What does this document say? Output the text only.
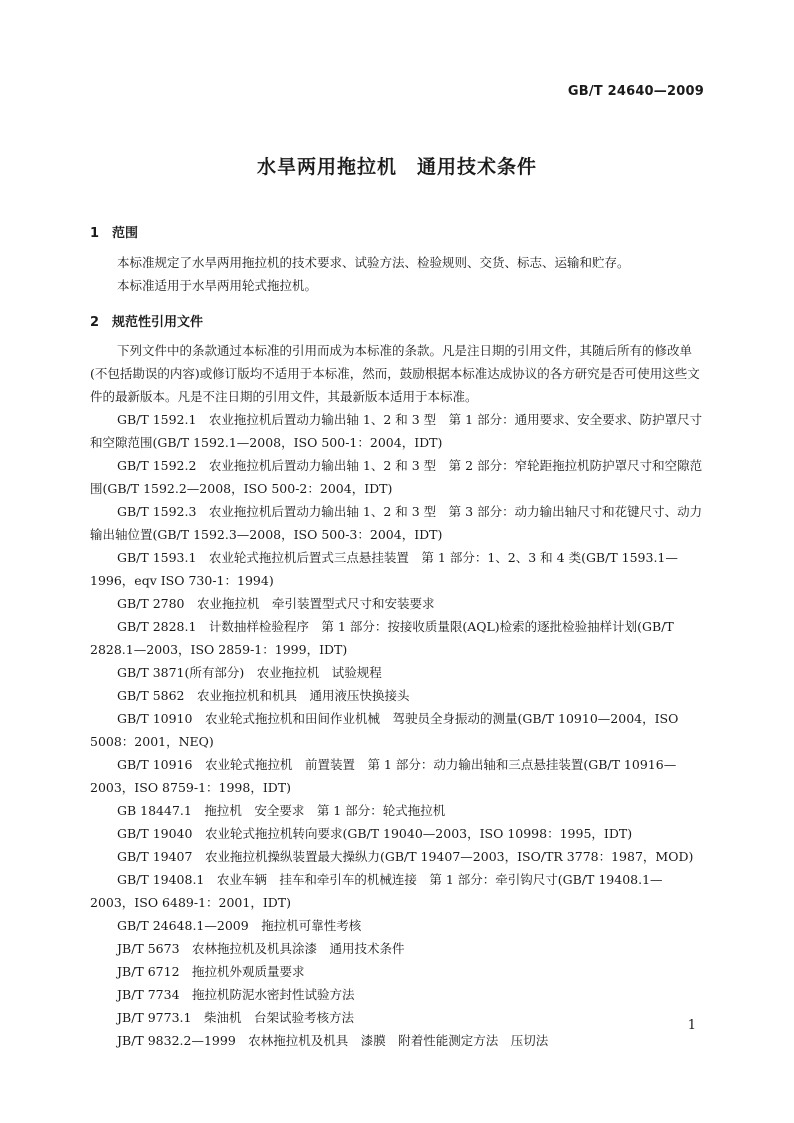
GB/T 24640—2009
水旱两用拖拉机　通用技术条件
1　范围

本标准规定了水旱两用拖拉机的技术要求、试验方法、检验规则、交货、标志、运输和贮存。

本标准适用于水旱两用轮式拖拉机。

2　规范性引用文件

下列文件中的条款通过本标准的引用而成为本标准的条款。凡是注日期的引用文件，其随后所有的修改单(不包括勘误的内容)或修订版均不适用于本标准，然而，鼓励根据本标准达成协议的各方研究是否可使用这些文件的最新版本。凡是不注日期的引用文件，其最新版本适用于本标准。

GB/T 1592.1　农业拖拉机后置动力输出轴 1、2 和 3 型　第 1 部分：通用要求、安全要求、防护罩尺寸和空隙范围(GB/T 1592.1—2008，ISO 500-1：2004，IDT)

GB/T 1592.2　农业拖拉机后置动力输出轴 1、2 和 3 型　第 2 部分：窄轮距拖拉机防护罩尺寸和空隙范围(GB/T 1592.2—2008，ISO 500-2：2004，IDT)

GB/T 1592.3　农业拖拉机后置动力输出轴 1、2 和 3 型　第 3 部分：动力输出轴尺寸和花键尺寸、动力输出轴位置(GB/T 1592.3—2008，ISO 500-3：2004，IDT)

GB/T 1593.1　农业轮式拖拉机后置式三点悬挂装置　第 1 部分：1、2、3 和 4 类(GB/T 1593.1—1996，eqv ISO 730-1：1994)

GB/T 2780　农业拖拉机　牵引装置型式尺寸和安装要求

GB/T 2828.1　计数抽样检验程序　第 1 部分：按接收质量限(AQL)检索的逐批检验抽样计划(GB/T 2828.1—2003，ISO 2859-1：1999，IDT)

GB/T 3871(所有部分)　农业拖拉机　试验规程

GB/T 5862　农业拖拉机和机具　通用液压快换接头

GB/T 10910　农业轮式拖拉机和田间作业机械　驾驶员全身振动的测量(GB/T 10910—2004，ISO 5008：2001，NEQ)

GB/T 10916　农业轮式拖拉机　前置装置　第 1 部分：动力输出轴和三点悬挂装置(GB/T 10916—2003，ISO 8759-1：1998，IDT)

GB 18447.1　拖拉机　安全要求　第 1 部分：轮式拖拉机

GB/T 19040　农业轮式拖拉机转向要求(GB/T 19040—2003，ISO 10998：1995，IDT)

GB/T 19407　农业拖拉机操纵装置最大操纵力(GB/T 19407—2003，ISO/TR 3778：1987，MOD)

GB/T 19408.1　农业车辆　挂车和牵引车的机械连接　第 1 部分：牵引钩尺寸(GB/T 19408.1—2003，ISO 6489-1：2001，IDT)

GB/T 24648.1—2009　拖拉机可靠性考核

JB/T 5673　农林拖拉机及机具涂漆　通用技术条件

JB/T 6712　拖拉机外观质量要求

JB/T 7734　拖拉机防泥水密封性试验方法

JB/T 9773.1　柴油机　台架试验考核方法

JB/T 9832.2—1999　农林拖拉机及机具　漆膜　附着性能测定方法　压切法

1
